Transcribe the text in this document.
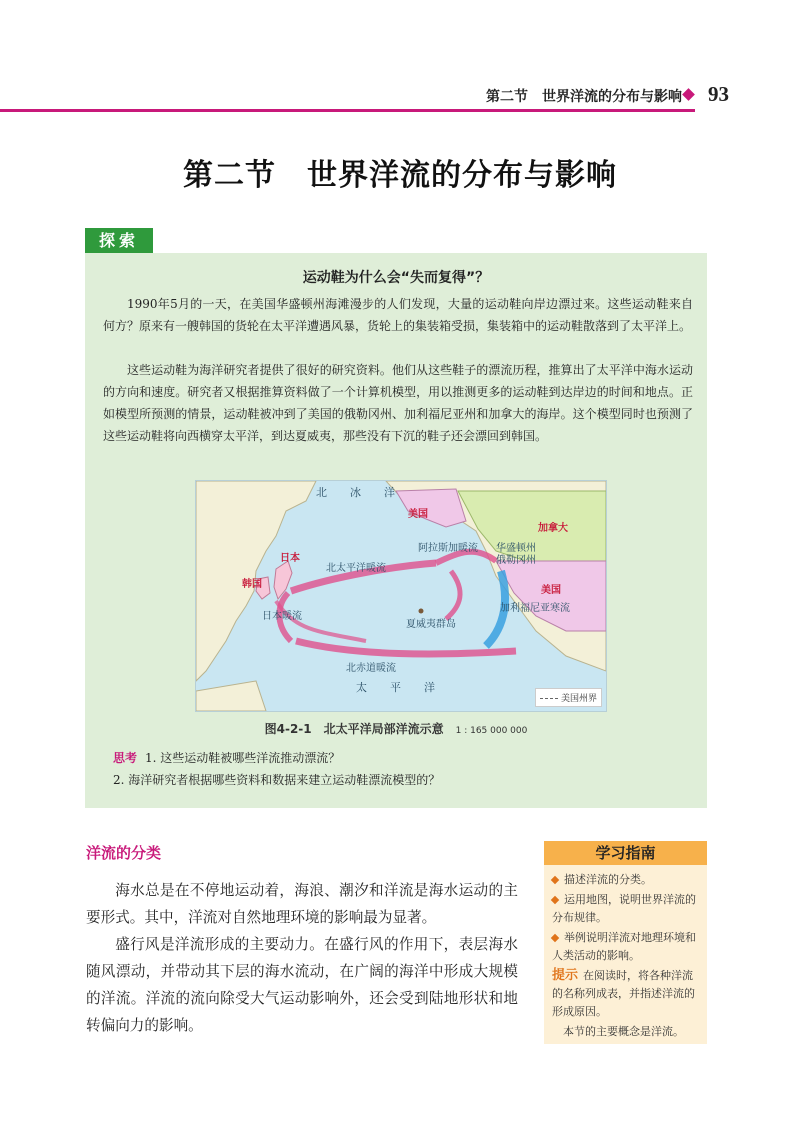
第二节　世界洋流的分布与影响 93
第二节　世界洋流的分布与影响
探索
运动鞋为什么会“失而复得”？

1990年5月的一天，在美国华盛顿州海滩漫步的人们发现，大量的运动鞋向岸边漂过来。这些运动鞋来自何方？原来有一艘韩国的货轮在太平洋遭遇风暴，货轮上的集装箱受损，集装箱中的运动鞋散落到了太平洋上。

这些运动鞋为海洋研究者提供了很好的研究资料。他们从这些鞋子的漂流历程，推算出了太平洋中海水运动的方向和速度。研究者又根据推算资料做了一个计算机模型，用以推测更多的运动鞋到达岸边的时间和地点。正如模型所预测的情景，运动鞋被冲到了美国的俄勒冈州、加利福尼亚州和加拿大的海岸。这个模型同时也预测了这些运动鞋将向西横穿太平洋，到达夏威夷，那些没有下沉的鞋子还会漂回到韩国。

北　冰　洋
美国
加拿大
美国
韩国
日本
阿拉斯加暖流
北太平洋暖流
日本暖流
加利福尼亚寒流
北赤道暖流
夏威夷群岛
太　平　洋
俄勒冈州
华盛顿州
美国州界
图4-2-1　北太平洋局部洋流示意 1 : 165 000 000
思考 1. 这些运动鞋被哪些洋流推动漂流？
2. 海洋研究者根据哪些资料和数据来建立运动鞋漂流模型的？
洋流的分类

海水总是在不停地运动着，海浪、潮汐和洋流是海水运动的主要形式。其中，洋流对自然地理环境的影响最为显著。

盛行风是洋流形成的主要动力。在盛行风的作用下，表层海水随风漂动，并带动其下层的海水流动，在广阔的海洋中形成大规模的洋流。洋流的流向除受大气运动影响外，还会受到陆地形状和地转偏向力的影响。

学习指南
描述洋流的分类。
运用地图，说明世界洋流的分布规律。
举例说明洋流对地理环境和人类活动的影响。
提示 在阅读时，将各种洋流的名称列成表，并指述洋流的形成原因。
本节的主要概念是洋流。
